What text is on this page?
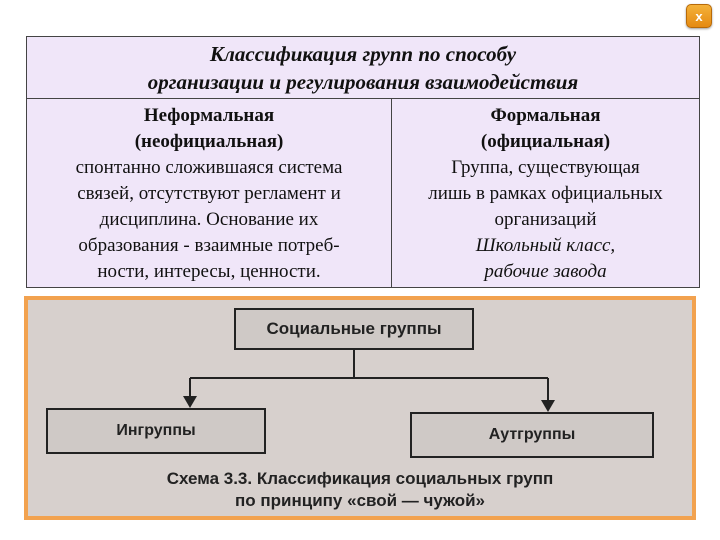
x
Классификация групп по способу
организации и регулирования взаимодействия

Неформальная
(неофициальная)
спонтанно сложившаяся система
связей, отсутствуют регламент и
дисциплина. Основание их
образования - взаимные потреб-
ности, интересы, ценности.

Формальная
(официальная)
Группа, существующая
лишь в рамках официальных
организаций
Школьный класс,
рабочие завода
Социальные группы
Ингруппы	Аутгруппы
Схема 3.3. Классификация социальных групп
по принципу «свой — чужой»
